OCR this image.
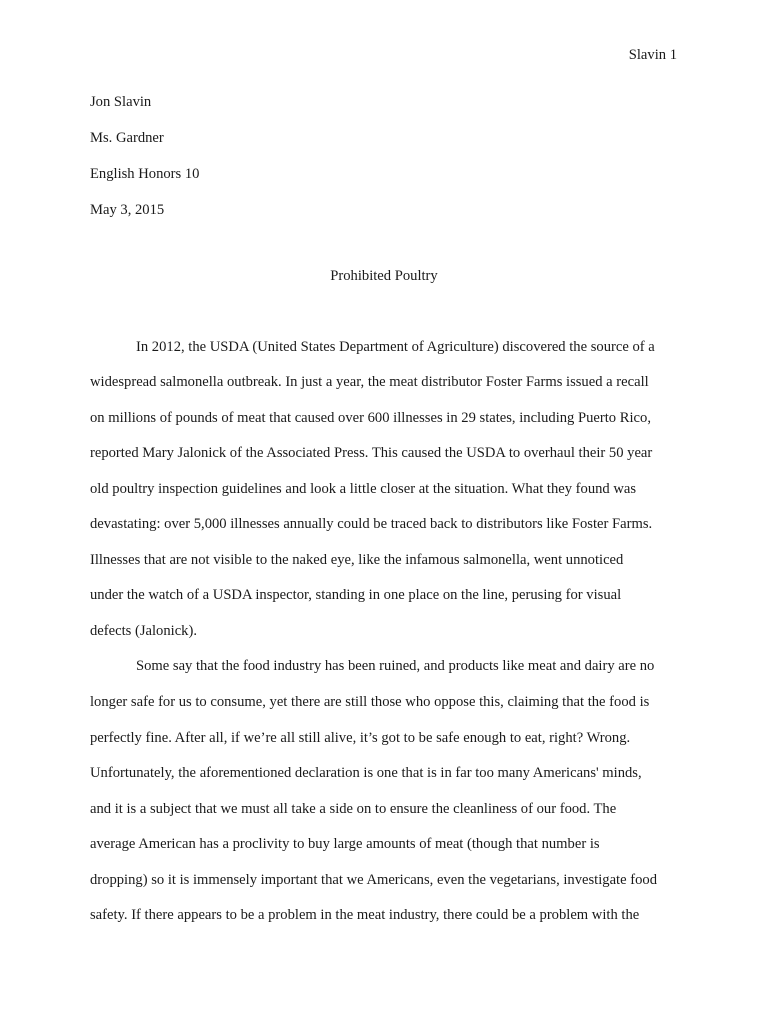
Slavin 1
Jon Slavin
Ms. Gardner
English Honors 10
May 3, 2015
Prohibited Poultry
In 2012, the USDA (United States Department of Agriculture) discovered the source of a
widespread salmonella outbreak. In just a year, the meat distributor Foster Farms issued a recall
on millions of pounds of meat that caused over 600 illnesses in 29 states, including Puerto Rico,
reported Mary Jalonick of the Associated Press. This caused the USDA to overhaul their 50 year
old poultry inspection guidelines and look a little closer at the situation. What they found was
devastating: over 5,000 illnesses annually could be traced back to distributors like Foster Farms.
Illnesses that are not visible to the naked eye, like the infamous salmonella, went unnoticed
under the watch of a USDA inspector, standing in one place on the line, perusing for visual
defects (Jalonick).
Some say that the food industry has been ruined, and products like meat and dairy are no
longer safe for us to consume, yet there are still those who oppose this, claiming that the food is
perfectly fine. After all, if we’re all still alive, it’s got to be safe enough to eat, right? Wrong.
Unfortunately, the aforementioned declaration is one that is in far too many Americans' minds,
and it is a subject that we must all take a side on to ensure the cleanliness of our food. The
average American has a proclivity to buy large amounts of meat (though that number is
dropping) so it is immensely important that we Americans, even the vegetarians, investigate food
safety. If there appears to be a problem in the meat industry, there could be a problem with the
